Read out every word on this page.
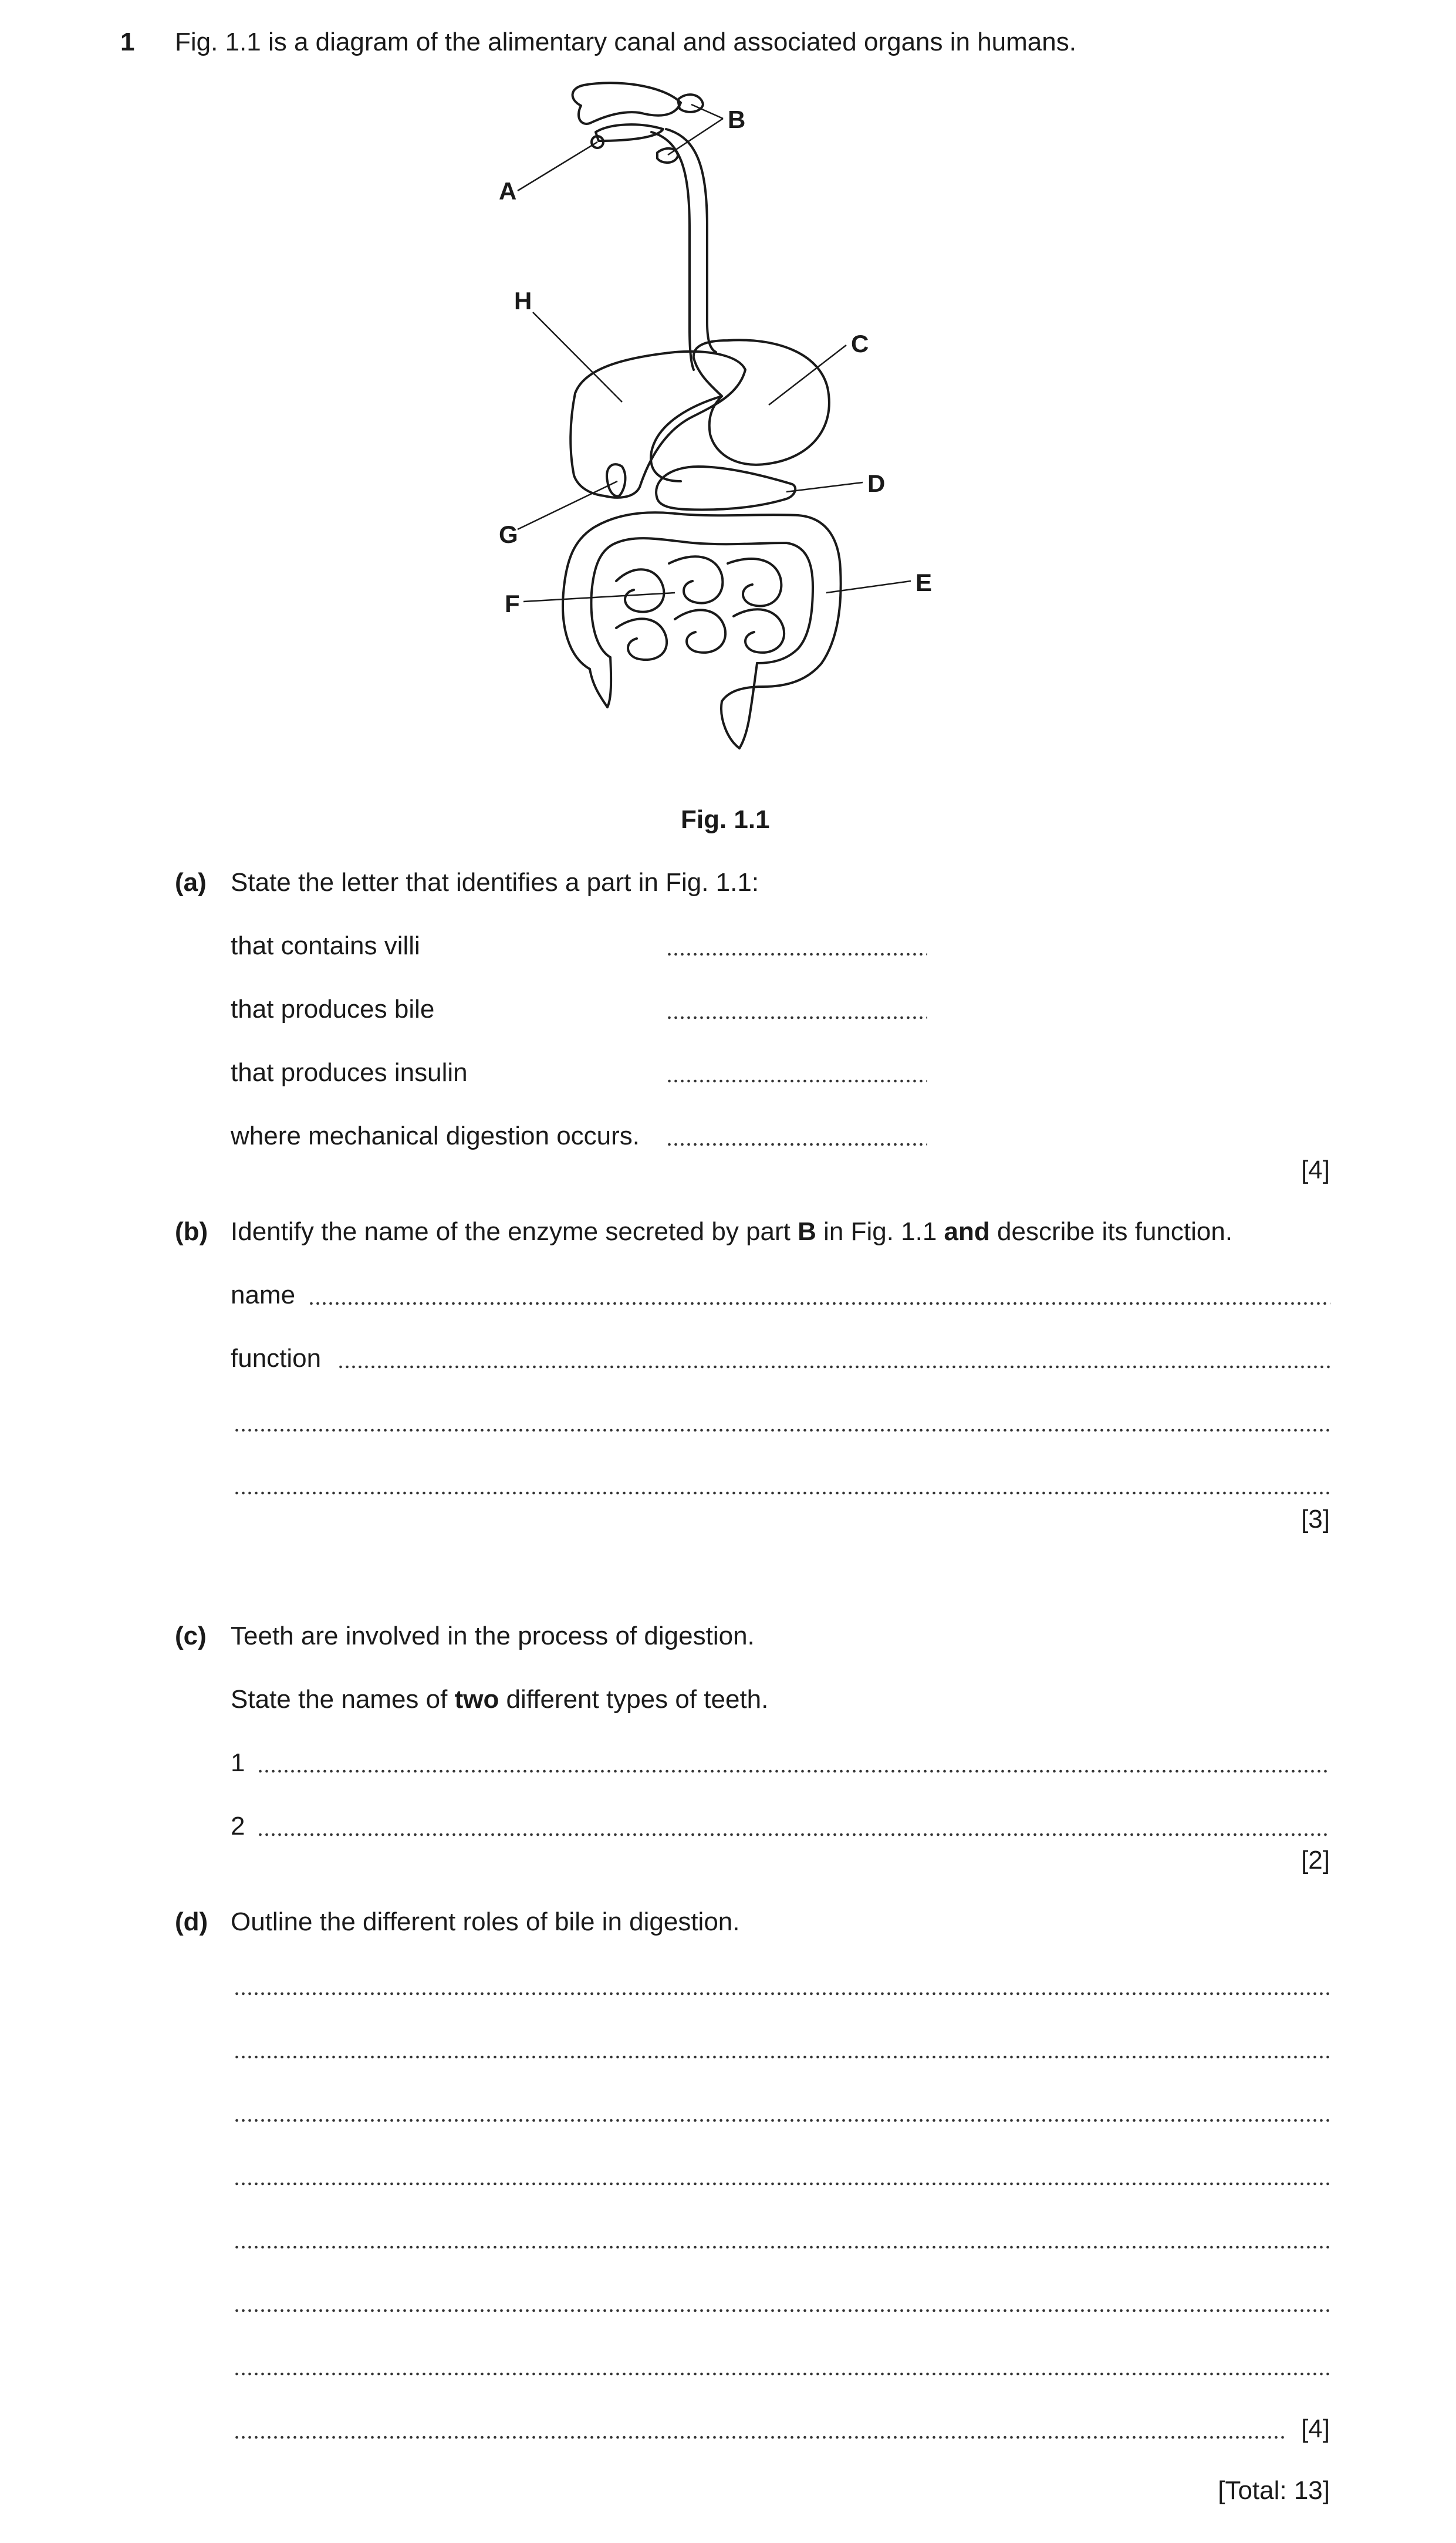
1 Fig. 1.1 is a diagram of the alimentary canal and associated organs in humans.
A
B
H
C
D
G
F
E
Fig. 1.1
(a) State the letter that identifies a part in Fig. 1.1:
that contains villi
that produces bile
that produces insulin
where mechanical digestion occurs.
[4]
(b) Identify the name of the enzyme secreted by part B in Fig. 1.1 and describe its function.
name
function
[3]
(c) Teeth are involved in the process of digestion.
State the names of two different types of teeth.
1
2
[2]
(d) Outline the different roles of bile in digestion.
[4]
[Total: 13]
